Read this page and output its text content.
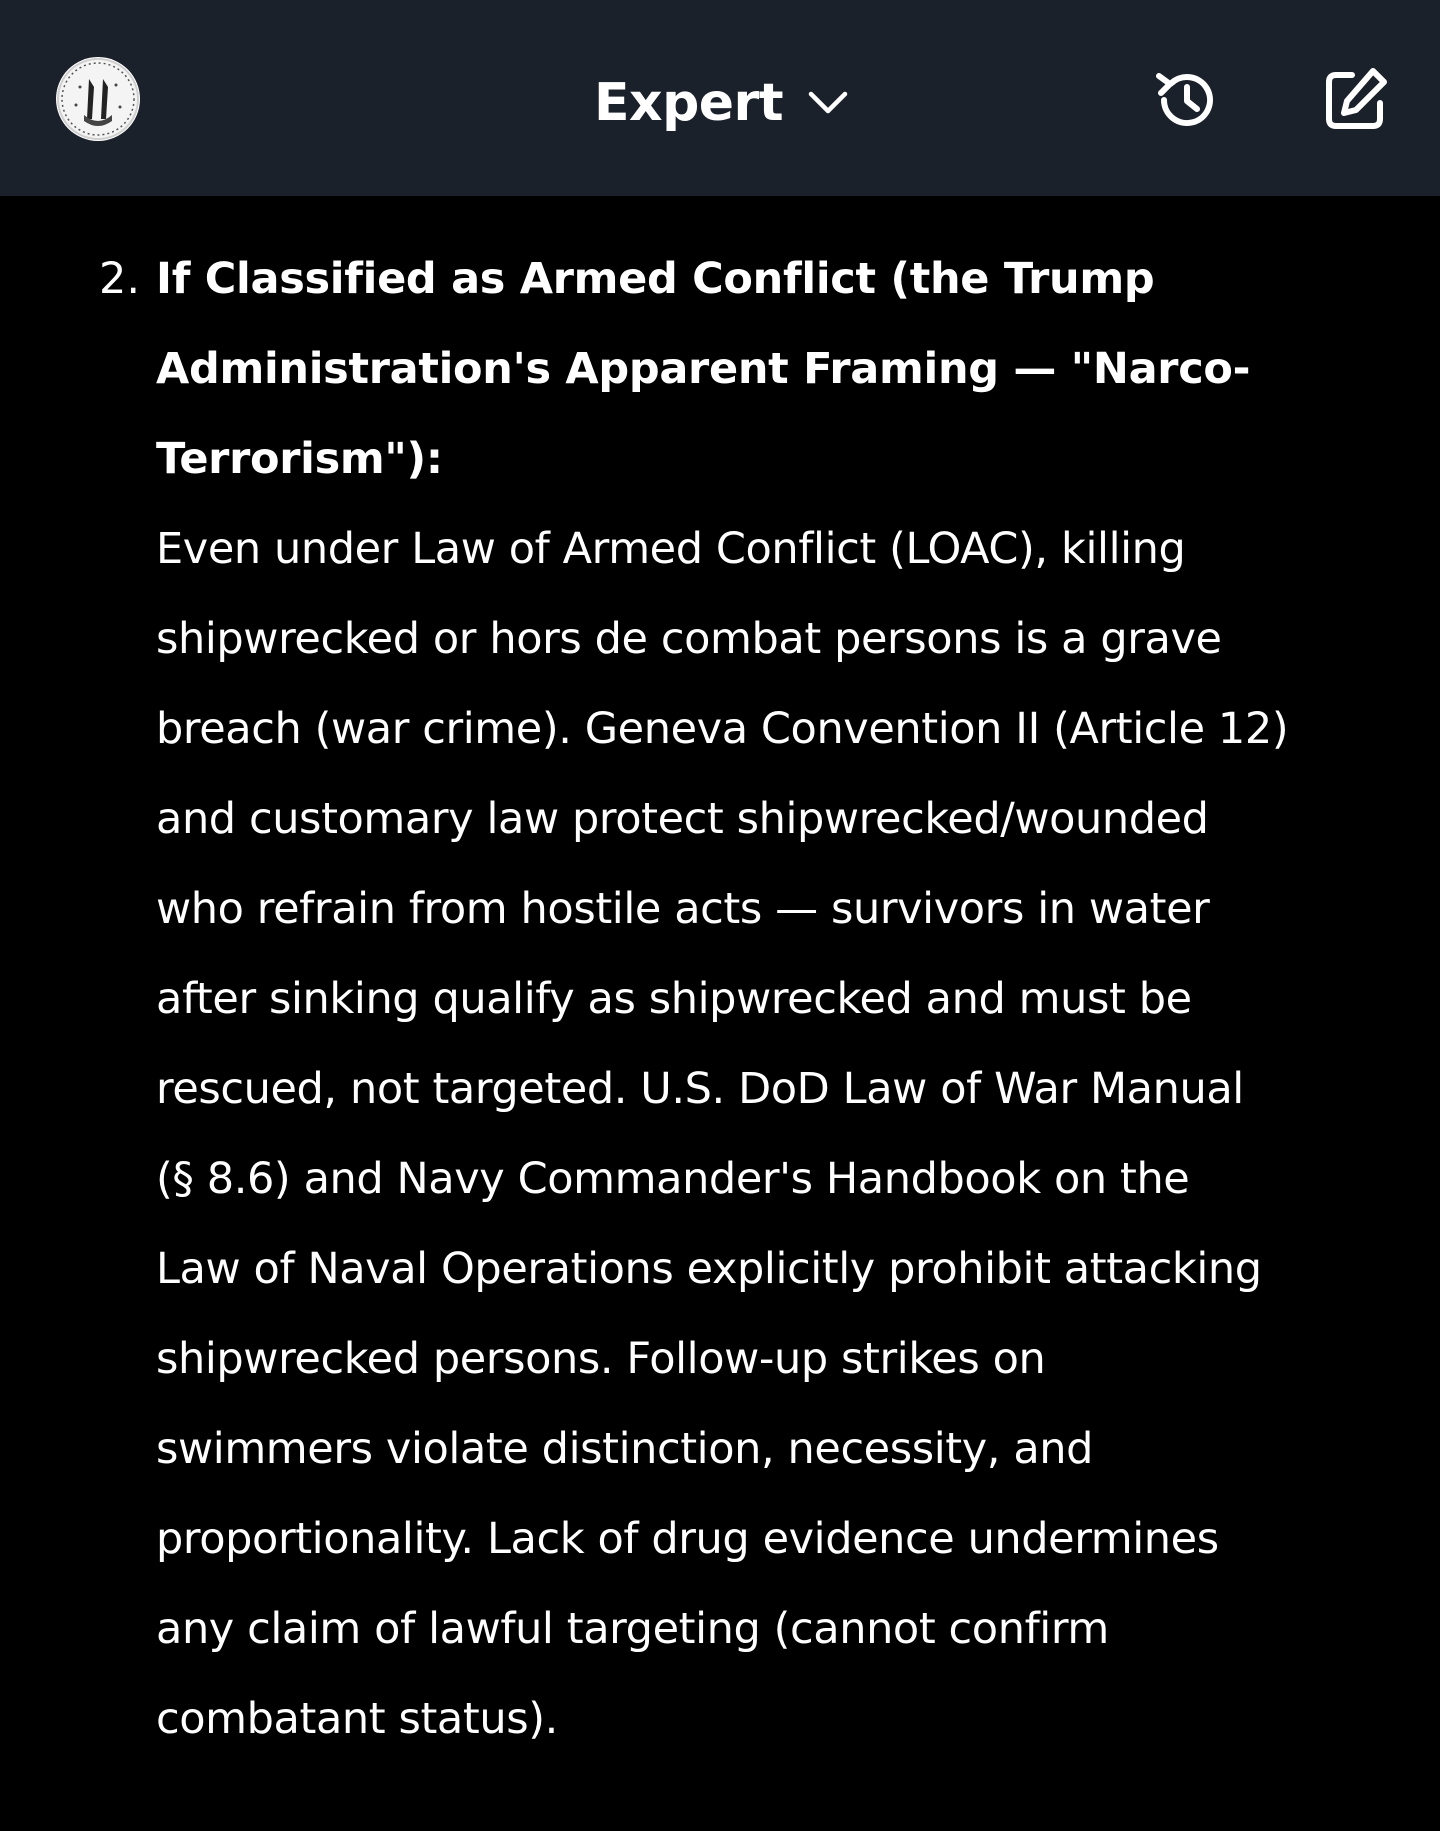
Expert
2. If Classified as Armed Conflict (the Trump
Administration's Apparent Framing — "Narco-
Terrorism"):
Even under Law of Armed Conflict (LOAC), killing
shipwrecked or hors de combat persons is a grave
breach (war crime). Geneva Convention II (Article 12)
and customary law protect shipwrecked/wounded
who refrain from hostile acts — survivors in water
after sinking qualify as shipwrecked and must be
rescued, not targeted. U.S. DoD Law of War Manual
(§ 8.6) and Navy Commander's Handbook on the
Law of Naval Operations explicitly prohibit attacking
shipwrecked persons. Follow-up strikes on
swimmers violate distinction, necessity, and
proportionality. Lack of drug evidence undermines
any claim of lawful targeting (cannot confirm
combatant status).
